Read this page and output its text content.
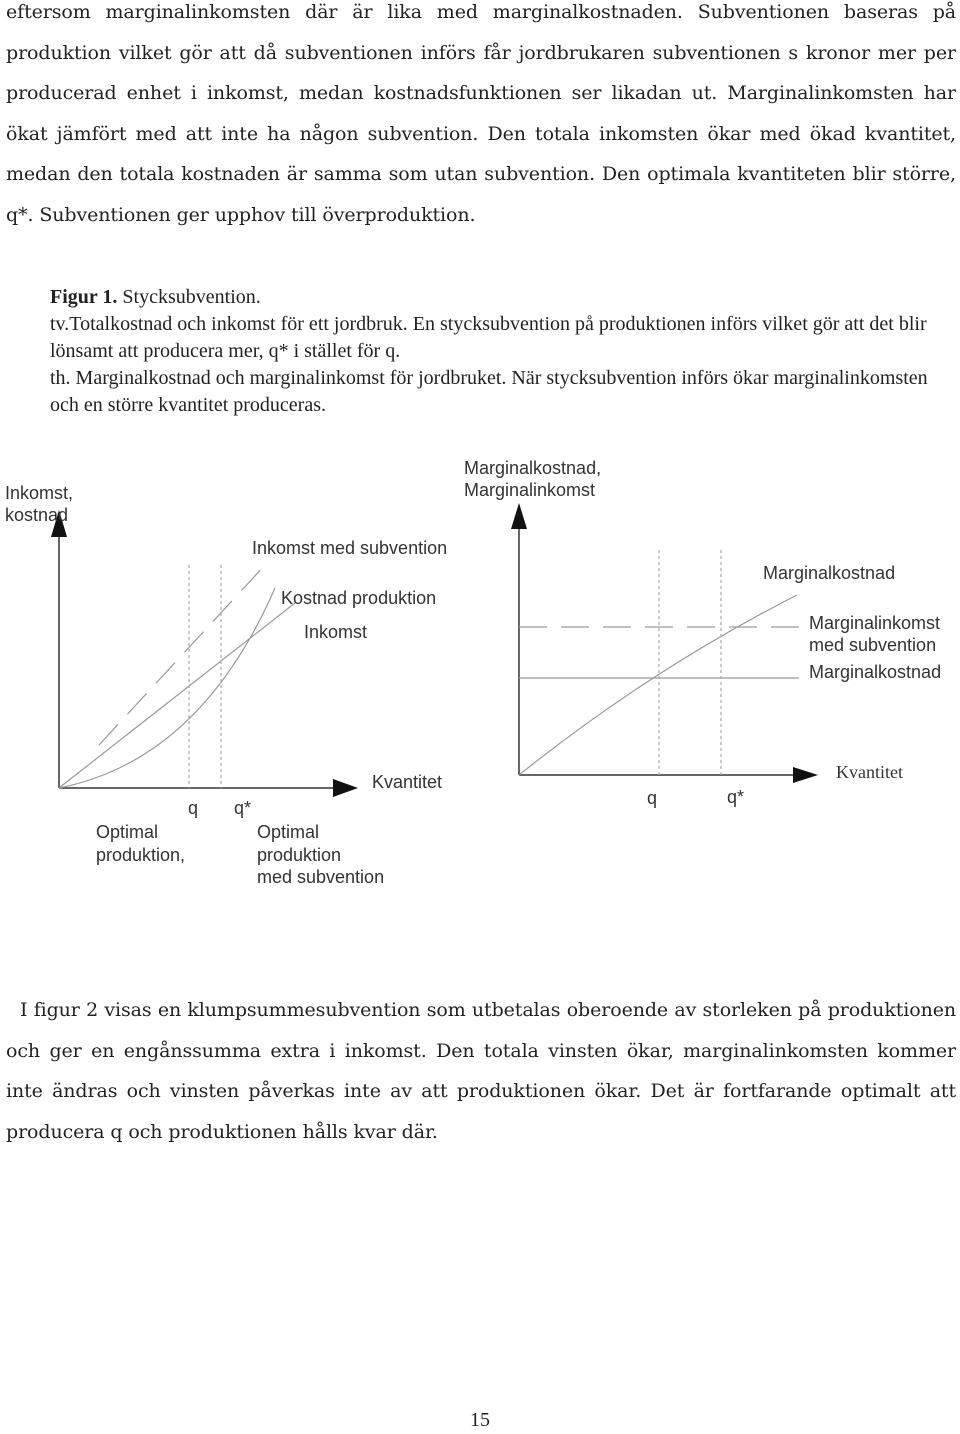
eftersom marginalinkomsten där är lika med marginalkostnaden. Subventionen baseras på produktion vilket gör att då subventionen införs får jordbrukaren subventionen s kronor mer per producerad enhet i inkomst, medan kostnadsfunktionen ser likadan ut. Marginalinkomsten har ökat jämfört med att inte ha någon subvention. Den totala inkomsten ökar med ökad kvantitet, medan den totala kostnaden är samma som utan subvention. Den optimala kvantiteten blir större, q*. Subventionen ger upphov till överproduktion.

Figur 1. Stycksubvention.

tv.Totalkostnad och inkomst för ett jordbruk. En stycksubvention på produktionen införs vilket gör att det blir lönsamt att producera mer, q* i stället för q.

th. Marginalkostnad och marginalinkomst för jordbruket. När stycksubvention införs ökar marginalinkomsten och en större kvantitet produceras.

Inkomst,
kostnad
Inkomst med subvention
Kostnad produktion
Inkomst
Kvantitet
q q*
Optimal
produktion,
Optimal
produktion
med subvention
Marginalkostnad,
Marginalinkomst
Marginalkostnad
Marginalinkomst
med subvention
Marginalkostnad
Kvantitet
q	q*

I figur 2 visas en klumpsummesubvention som utbetalas oberoende av storleken på produktionen och ger en engånssumma extra i inkomst. Den totala vinsten ökar, marginalinkomsten kommer inte ändras och vinsten påverkas inte av att produktionen ökar. Det är fortfarande optimalt att producera q och produktionen hålls kvar där.

15
